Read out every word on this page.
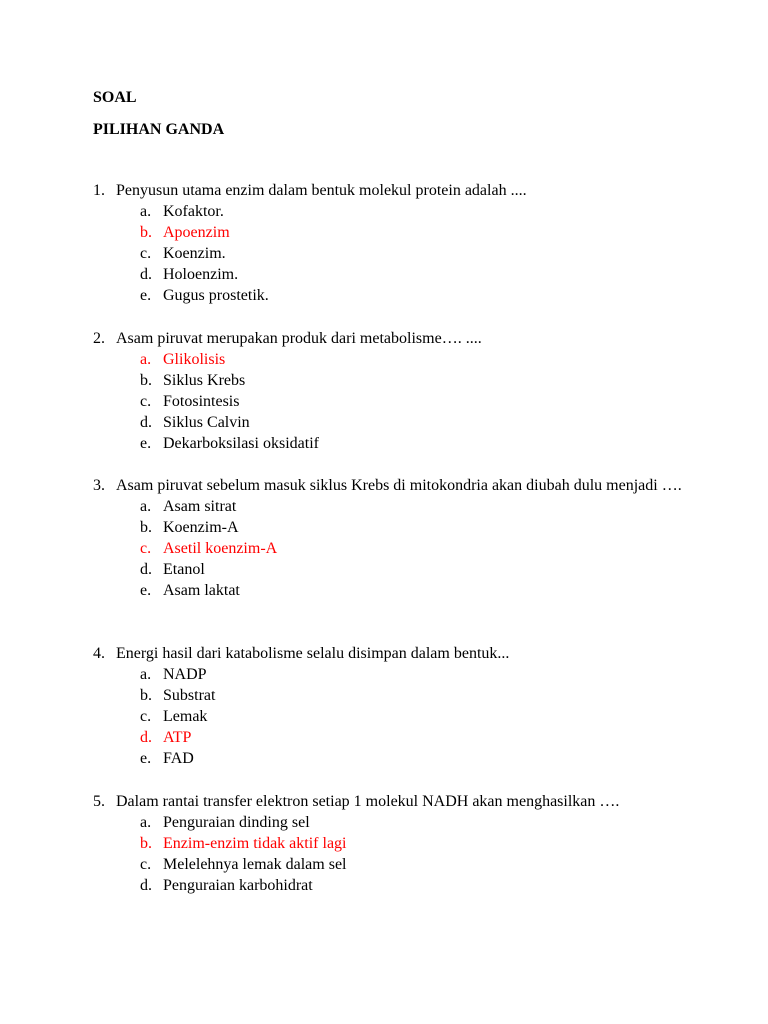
SOAL
PILIHAN GANDA
1. Penyusun utama enzim dalam bentuk molekul protein adalah ....
a. Kofaktor.
b. Apoenzim
c. Koenzim.
d. Holoenzim.
e. Gugus prostetik.
2. Asam piruvat merupakan produk dari metabolisme…. ....
a. Glikolisis
b. Siklus Krebs
c. Fotosintesis
d. Siklus Calvin
e. Dekarboksilasi oksidatif
3. Asam piruvat sebelum masuk siklus Krebs di mitokondria akan diubah dulu menjadi ….
a. Asam sitrat
b. Koenzim-A
c. Asetil koenzim-A
d. Etanol
e. Asam laktat
4. Energi hasil dari katabolisme selalu disimpan dalam bentuk...
a. NADP
b. Substrat
c. Lemak
d. ATP
e. FAD
5. Dalam rantai transfer elektron setiap 1 molekul NADH akan menghasilkan ….
a. Penguraian dinding sel
b. Enzim-enzim tidak aktif lagi
c. Melelehnya lemak dalam sel
d. Penguraian karbohidrat
